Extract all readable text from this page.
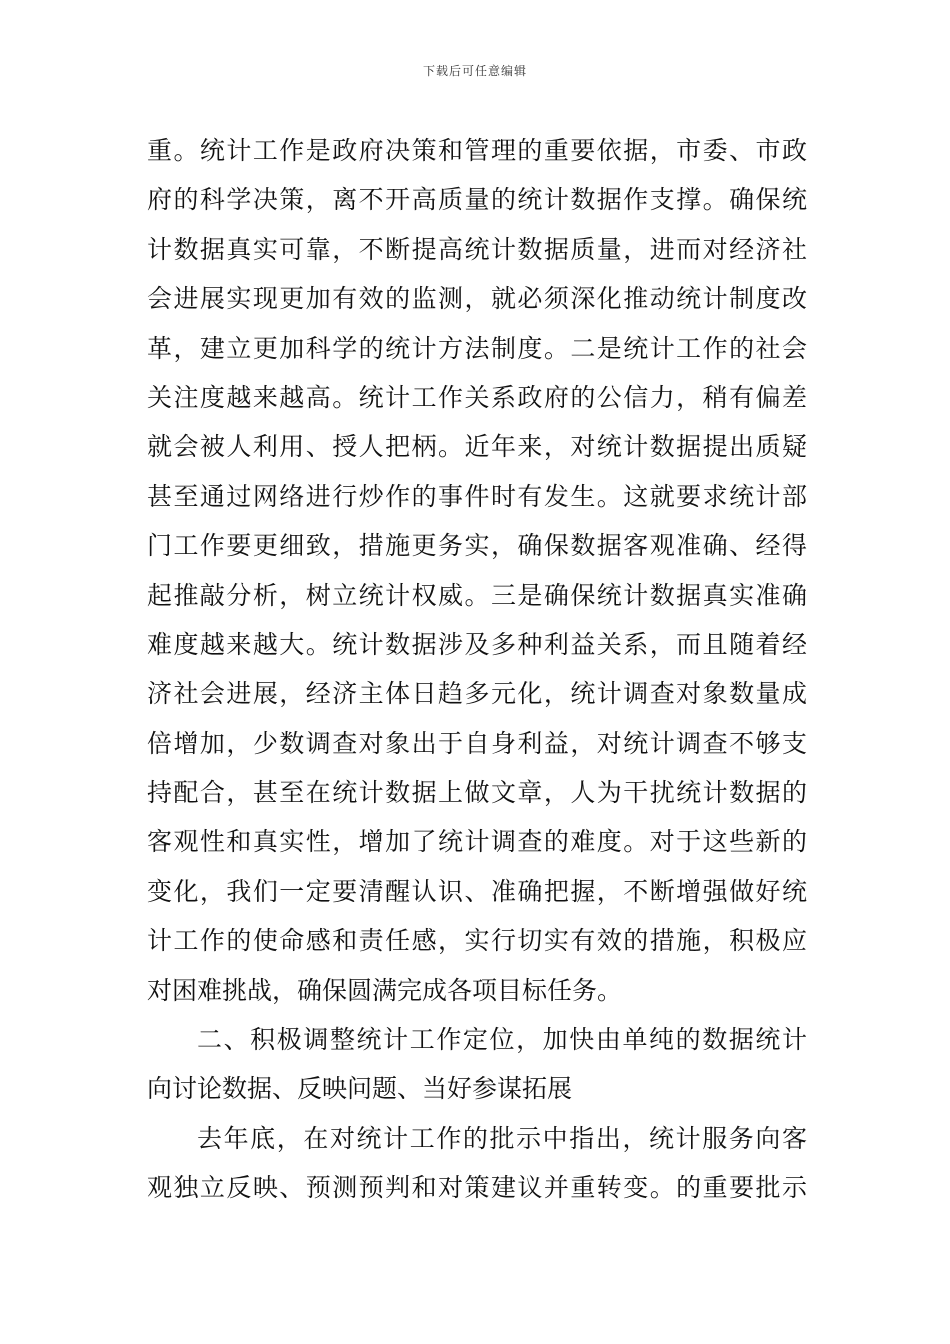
下载后可任意编辑
重。统计工作是政府决策和管理的重要依据，市委、市政
府的科学决策，离不开高质量的统计数据作支撑。确保统
计数据真实可靠，不断提高统计数据质量，进而对经济社
会进展实现更加有效的监测，就必须深化推动统计制度改
革，建立更加科学的统计方法制度。二是统计工作的社会
关注度越来越高。统计工作关系政府的公信力，稍有偏差
就会被人利用、授人把柄。近年来，对统计数据提出质疑
甚至通过网络进行炒作的事件时有发生。这就要求统计部
门工作要更细致，措施更务实，确保数据客观准确、经得
起推敲分析，树立统计权威。三是确保统计数据真实准确
难度越来越大。统计数据涉及多种利益关系，而且随着经
济社会进展，经济主体日趋多元化，统计调查对象数量成
倍增加，少数调查对象出于自身利益，对统计调查不够支
持配合，甚至在统计数据上做文章，人为干扰统计数据的
客观性和真实性，增加了统计调查的难度。对于这些新的
变化，我们一定要清醒认识、准确把握，不断增强做好统
计工作的使命感和责任感，实行切实有效的措施，积极应
对困难挑战，确保圆满完成各项目标任务。
二、积极调整统计工作定位，加快由单纯的数据统计
向讨论数据、反映问题、当好参谋拓展
去年底，在对统计工作的批示中指出，统计服务向客
观独立反映、预测预判和对策建议并重转变。的重要批示
